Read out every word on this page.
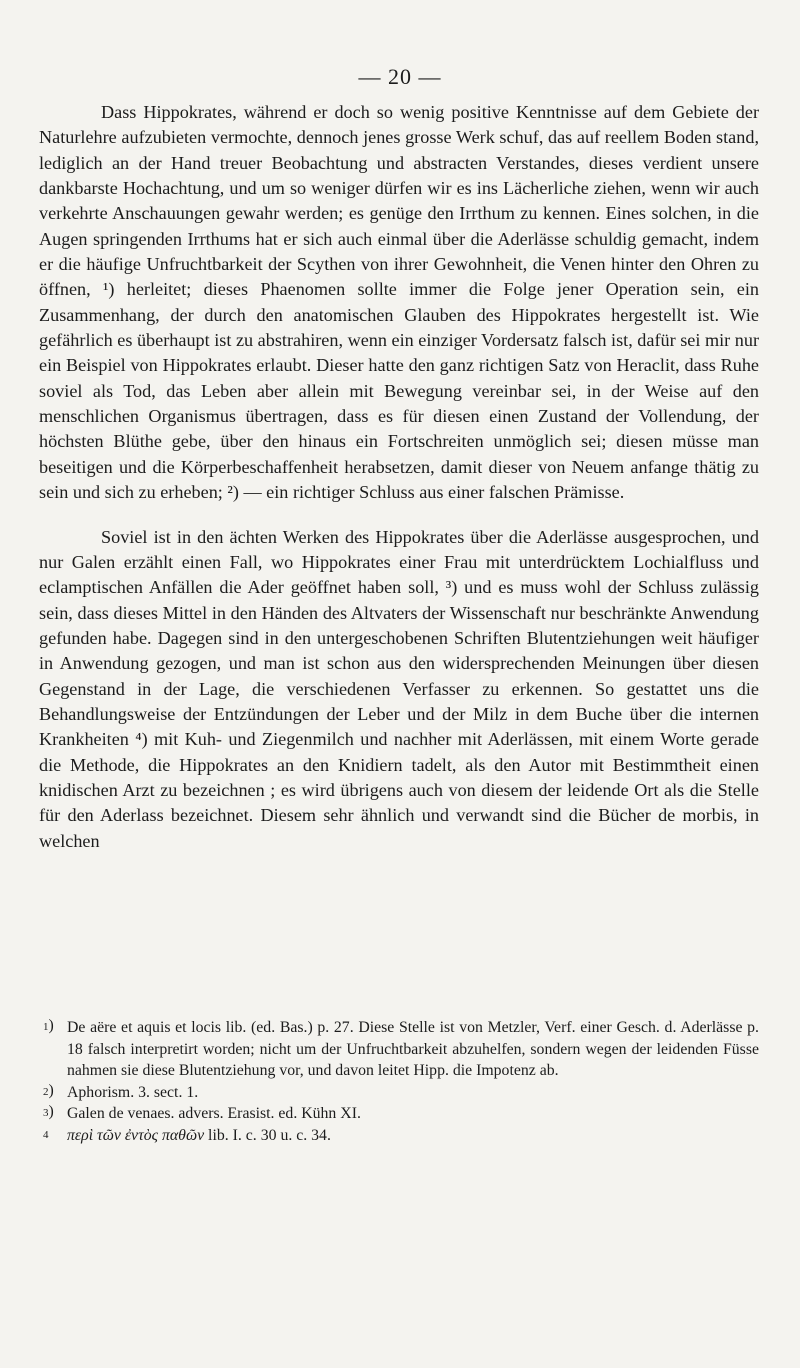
— 20 —

Dass Hippokrates, während er doch so wenig positive Kenntnisse auf dem Gebiete der Naturlehre aufzubieten vermochte, dennoch jenes grosse Werk schuf, das auf reellem Boden stand, lediglich an der Hand treuer Beobachtung und abstracten Verstandes, dieses verdient unsere dankbarste Hochachtung, und um so weniger dürfen wir es ins Lächerliche ziehen, wenn wir auch verkehrte Anschauungen gewahr werden; es genüge den Irrthum zu kennen. Eines solchen, in die Augen springenden Irrthums hat er sich auch einmal über die Aderlässe schuldig gemacht, indem er die häufige Unfruchtbarkeit der Scythen von ihrer Gewohnheit, die Venen hinter den Ohren zu öffnen, ¹) herleitet; dieses Phaenomen sollte immer die Folge jener Operation sein, ein Zusammenhang, der durch den anatomischen Glauben des Hippokrates hergestellt ist. Wie gefährlich es überhaupt ist zu abstrahiren, wenn ein einziger Vordersatz falsch ist, dafür sei mir nur ein Beispiel von Hippokrates erlaubt. Dieser hatte den ganz richtigen Satz von Heraclit, dass Ruhe soviel als Tod, das Leben aber allein mit Bewegung vereinbar sei, in der Weise auf den menschlichen Organismus übertragen, dass es für diesen einen Zustand der Vollendung, der höchsten Blüthe gebe, über den hinaus ein Fortschreiten unmöglich sei; diesen müsse man beseitigen und die Körperbeschaffenheit herabsetzen, damit dieser von Neuem anfange thätig zu sein und sich zu erheben; ²) — ein richtiger Schluss aus einer falschen Prämisse.

Soviel ist in den ächten Werken des Hippokrates über die Aderlässe ausgesprochen, und nur Galen erzählt einen Fall, wo Hippokrates einer Frau mit unterdrücktem Lochialfluss und eclamptischen Anfällen die Ader geöffnet haben soll, ³) und es muss wohl der Schluss zulässig sein, dass dieses Mittel in den Händen des Altvaters der Wissenschaft nur beschränkte Anwendung gefunden habe. Dagegen sind in den untergeschobenen Schriften Blutentziehungen weit häufiger in Anwendung gezogen, und man ist schon aus den widersprechenden Meinungen über diesen Gegenstand in der Lage, die verschiedenen Verfasser zu erkennen. So gestattet uns die Behandlungsweise der Entzündungen der Leber und der Milz in dem Buche über die internen Krankheiten ⁴) mit Kuh- und Ziegenmilch und nachher mit Aderlässen, mit einem Worte gerade die Methode, die Hippokrates an den Knidiern tadelt, als den Autor mit Bestimmtheit einen knidischen Arzt zu bezeichnen ; es wird übrigens auch von diesem der leidende Ort als die Stelle für den Aderlass bezeichnet. Diesem sehr ähnlich und verwandt sind die Bücher de morbis, in welchen

1) De aëre et aquis et locis lib. (ed. Bas.) p. 27. Diese Stelle ist von Metzler, Verf. einer Gesch. d. Aderlässe p. 18 falsch interpretirt worden; nicht um der Unfruchtbarkeit abzuhelfen, sondern wegen der leidenden Füsse nahmen sie diese Blutentziehung vor, und davon leitet Hipp. die Impotenz ab.

2) Aphorism. 3. sect. 1.

3) Galen de venaes. advers. Erasist. ed. Kühn XI.

4 περὶ τῶν ἐντὸς παθῶν lib. I. c. 30 u. c. 34.
